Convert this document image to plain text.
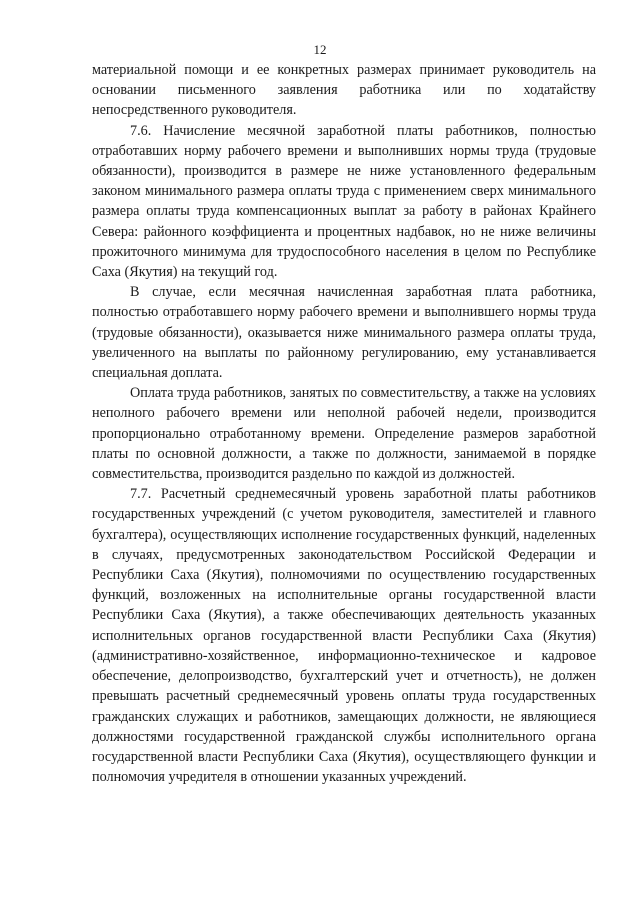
12

материальной помощи и ее конкретных размерах принимает руководитель на основании письменного заявления работника или по ходатайству непосредственного руководителя.

7.6. Начисление месячной заработной платы работников, полностью отработавших норму рабочего времени и выполнивших нормы труда (трудовые обязанности), производится в размере не ниже установленного федеральным законом минимального размера оплаты труда с применением сверх минимального размера оплаты труда компенсационных выплат за работу в районах Крайнего Севера: районного коэффициента и процентных надбавок, но не ниже величины прожиточного минимума для трудоспособного населения в целом по Республике Саха (Якутия) на текущий год.

В случае, если месячная начисленная заработная плата работника, полностью отработавшего норму рабочего времени и выполнившего нормы труда (трудовые обязанности), оказывается ниже минимального размера оплаты труда, увеличенного на выплаты по районному регулированию, ему устанавливается специальная доплата.

Оплата труда работников, занятых по совместительству, а также на условиях неполного рабочего времени или неполной рабочей недели, производится пропорционально отработанному времени. Определение размеров заработной платы по основной должности, а также по должности, занимаемой в порядке совместительства, производится раздельно по каждой из должностей.

7.7. Расчетный среднемесячный уровень заработной платы работников государственных учреждений (с учетом руководителя, заместителей и главного бухгалтера), осуществляющих исполнение государственных функций, наделенных в случаях, предусмотренных законодательством Российской Федерации и Республики Саха (Якутия), полномочиями по осуществлению государственных функций, возложенных на исполнительные органы государственной власти Республики Саха (Якутия), а также обеспечивающих деятельность указанных исполнительных органов государственной власти Республики Саха (Якутия) (административно-хозяйственное, информационно-техническое и кадровое обеспечение, делопроизводство, бухгалтерский учет и отчетность), не должен превышать расчетный среднемесячный уровень оплаты труда государственных гражданских служащих и работников, замещающих должности, не являющиеся должностями государственной гражданской службы исполнительного органа государственной власти Республики Саха (Якутия), осуществляющего функции и полномочия учредителя в отношении указанных учреждений.
